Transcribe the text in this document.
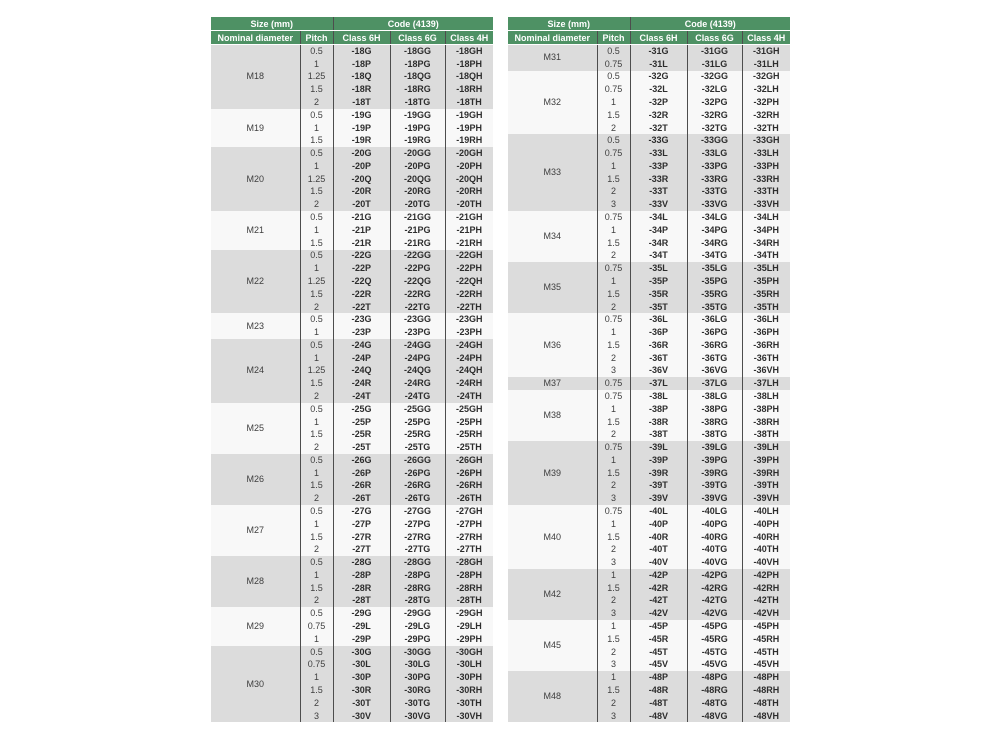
Size (mm)		Code (4139)		
Nominal diameter	Pitch	Class 6H	Class 6G	Class 4H
M18	0.5	-18G	-18GG	-18GH
	1	-18P	-18PG	-18PH
	1.25	-18Q	-18QG	-18QH
	1.5	-18R	-18RG	-18RH
	2	-18T	-18TG	-18TH
M19	0.5	-19G	-19GG	-19GH
	1	-19P	-19PG	-19PH
	1.5	-19R	-19RG	-19RH
M20	0.5	-20G	-20GG	-20GH
	1	-20P	-20PG	-20PH
	1.25	-20Q	-20QG	-20QH
	1.5	-20R	-20RG	-20RH
	2	-20T	-20TG	-20TH
M21	0.5	-21G	-21GG	-21GH
	1	-21P	-21PG	-21PH
	1.5	-21R	-21RG	-21RH
M22	0.5	-22G	-22GG	-22GH
	1	-22P	-22PG	-22PH
	1.25	-22Q	-22QG	-22QH
	1.5	-22R	-22RG	-22RH
	2	-22T	-22TG	-22TH
M23	0.5	-23G	-23GG	-23GH
	1	-23P	-23PG	-23PH
M24	0.5	-24G	-24GG	-24GH
	1	-24P	-24PG	-24PH
	1.25	-24Q	-24QG	-24QH
	1.5	-24R	-24RG	-24RH
	2	-24T	-24TG	-24TH
M25	0.5	-25G	-25GG	-25GH
	1	-25P	-25PG	-25PH
	1.5	-25R	-25RG	-25RH
	2	-25T	-25TG	-25TH
M26	0.5	-26G	-26GG	-26GH
	1	-26P	-26PG	-26PH
	1.5	-26R	-26RG	-26RH
	2	-26T	-26TG	-26TH
M27	0.5	-27G	-27GG	-27GH
	1	-27P	-27PG	-27PH
	1.5	-27R	-27RG	-27RH
	2	-27T	-27TG	-27TH
M28	0.5	-28G	-28GG	-28GH
	1	-28P	-28PG	-28PH
	1.5	-28R	-28RG	-28RH
	2	-28T	-28TG	-28TH
M29	0.5	-29G	-29GG	-29GH
	0.75	-29L	-29LG	-29LH
	1	-29P	-29PG	-29PH
M30	0.5	-30G	-30GG	-30GH
	0.75	-30L	-30LG	-30LH
	1	-30P	-30PG	-30PH
	1.5	-30R	-30RG	-30RH
	2	-30T	-30TG	-30TH
	3	-30V	-30VG	-30VH
Size (mm)		Code (4139)		
Nominal diameter	Pitch	Class 6H	Class 6G	Class 4H
M31	0.5	-31G	-31GG	-31GH
	0.75	-31L	-31LG	-31LH
M32	0.5	-32G	-32GG	-32GH
	0.75	-32L	-32LG	-32LH
	1	-32P	-32PG	-32PH
	1.5	-32R	-32RG	-32RH
	2	-32T	-32TG	-32TH
M33	0.5	-33G	-33GG	-33GH
	0.75	-33L	-33LG	-33LH
	1	-33P	-33PG	-33PH
	1.5	-33R	-33RG	-33RH
	2	-33T	-33TG	-33TH
	3	-33V	-33VG	-33VH
M34	0.75	-34L	-34LG	-34LH
	1	-34P	-34PG	-34PH
	1.5	-34R	-34RG	-34RH
	2	-34T	-34TG	-34TH
M35	0.75	-35L	-35LG	-35LH
	1	-35P	-35PG	-35PH
	1.5	-35R	-35RG	-35RH
	2	-35T	-35TG	-35TH
M36	0.75	-36L	-36LG	-36LH
	1	-36P	-36PG	-36PH
	1.5	-36R	-36RG	-36RH
	2	-36T	-36TG	-36TH
	3	-36V	-36VG	-36VH
M37	0.75	-37L	-37LG	-37LH
M38	0.75	-38L	-38LG	-38LH
	1	-38P	-38PG	-38PH
	1.5	-38R	-38RG	-38RH
	2	-38T	-38TG	-38TH
M39	0.75	-39L	-39LG	-39LH
	1	-39P	-39PG	-39PH
	1.5	-39R	-39RG	-39RH
	2	-39T	-39TG	-39TH
	3	-39V	-39VG	-39VH
M40	0.75	-40L	-40LG	-40LH
	1	-40P	-40PG	-40PH
	1.5	-40R	-40RG	-40RH
	2	-40T	-40TG	-40TH
	3	-40V	-40VG	-40VH
M42	1	-42P	-42PG	-42PH
	1.5	-42R	-42RG	-42RH
	2	-42T	-42TG	-42TH
	3	-42V	-42VG	-42VH
M45	1	-45P	-45PG	-45PH
	1.5	-45R	-45RG	-45RH
	2	-45T	-45TG	-45TH
	3	-45V	-45VG	-45VH
M48	1	-48P	-48PG	-48PH
	1.5	-48R	-48RG	-48RH
	2	-48T	-48TG	-48TH
	3	-48V	-48VG	-48VH
